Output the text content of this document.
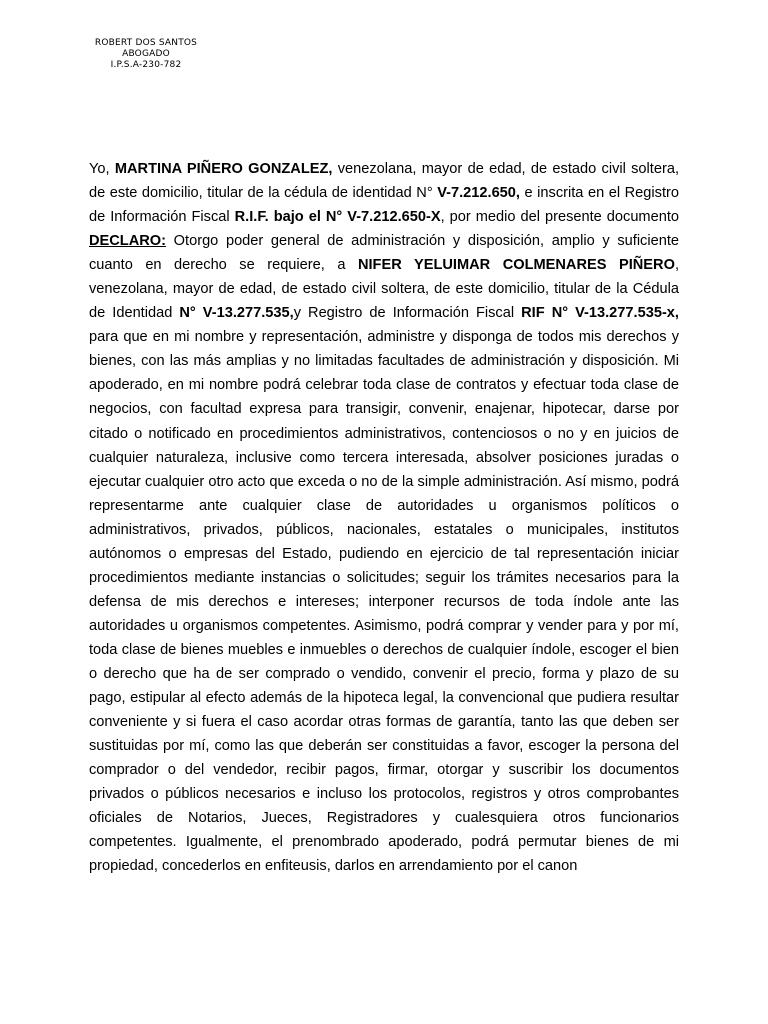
ROBERT DOS SANTOS
ABOGADO
I.P.S.A-230-782
Yo, MARTINA PIÑERO GONZALEZ, venezolana, mayor de edad, de estado civil soltera, de este domicilio, titular de la cédula de identidad N° V-7.212.650, e inscrita en el Registro de Información Fiscal R.I.F. bajo el N° V-7.212.650-X, por medio del presente documento DECLARO: Otorgo poder general de administración y disposición, amplio y suficiente cuanto en derecho se requiere, a NIFER YELUIMAR COLMENARES PIÑERO, venezolana, mayor de edad, de estado civil soltera, de este domicilio, titular de la Cédula de Identidad N° V-13.277.535,y Registro de Información Fiscal RIF N° V-13.277.535-x, para que en mi nombre y representación, administre y disponga de todos mis derechos y bienes, con las más amplias y no limitadas facultades de administración y disposición. Mi apoderado, en mi nombre podrá celebrar toda clase de contratos y efectuar toda clase de negocios, con facultad expresa para transigir, convenir, enajenar, hipotecar, darse por citado o notificado en procedimientos administrativos, contenciosos o no y en juicios de cualquier naturaleza, inclusive como tercera interesada, absolver posiciones juradas o ejecutar cualquier otro acto que exceda o no de la simple administración. Así mismo, podrá representarme ante cualquier clase de autoridades u organismos políticos o administrativos, privados, públicos, nacionales, estatales o municipales, institutos autónomos o empresas del Estado, pudiendo en ejercicio de tal representación iniciar procedimientos mediante instancias o solicitudes; seguir los trámites necesarios para la defensa de mis derechos e intereses; interponer recursos de toda índole ante las autoridades u organismos competentes. Asimismo, podrá comprar y vender para y por mí, toda clase de bienes muebles e inmuebles o derechos de cualquier índole, escoger el bien o derecho que ha de ser comprado o vendido, convenir el precio, forma y plazo de su pago, estipular al efecto además de la hipoteca legal, la convencional que pudiera resultar conveniente y si fuera el caso acordar otras formas de garantía, tanto las que deben ser sustituidas por mí, como las que deberán ser constituidas a favor, escoger la persona del comprador o del vendedor, recibir pagos, firmar, otorgar y suscribir los documentos privados o públicos necesarios e incluso los protocolos, registros y otros comprobantes oficiales de Notarios, Jueces, Registradores y cualesquiera otros funcionarios competentes. Igualmente, el prenombrado apoderado, podrá permutar bienes de mi propiedad, concederlos en enfiteusis, darlos en arrendamiento por el canon
